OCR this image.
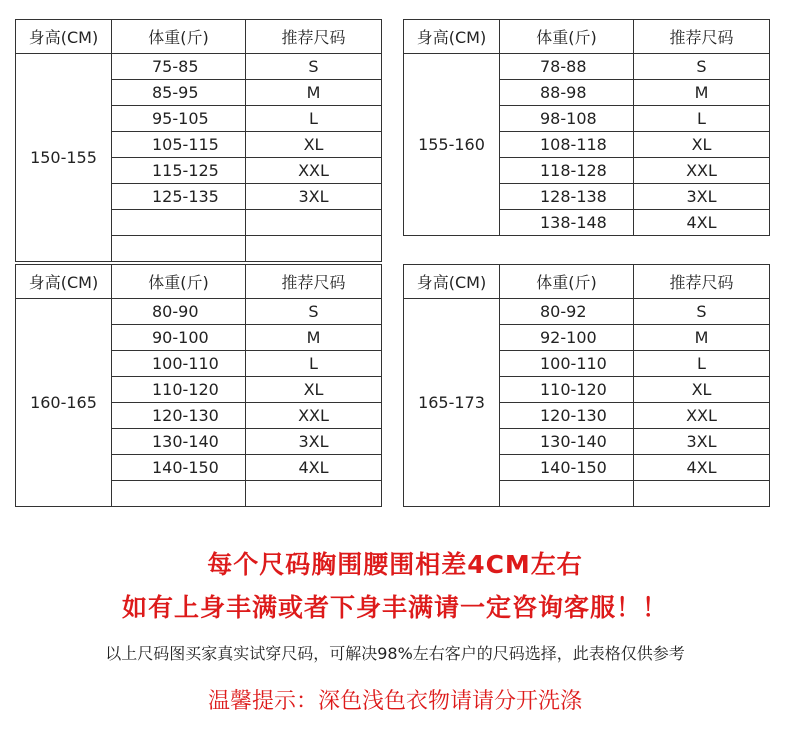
身高(CM)	体重(斤)	推荐尺码
150-155	75-85	S
	85-95	M
	95-105	L
	105-115	XL
	115-125	XXL
	125-135	3XL

身高(CM)	体重(斤)	推荐尺码
155-160	78-88	S
	88-98	M
	98-108	L
	108-118	XL
	118-128	XXL
	128-138	3XL
	138-148	4XL
身高(CM)	体重(斤)	推荐尺码
160-165	80-90	S
	90-100	M
	100-110	L
	110-120	XL
	120-130	XXL
	130-140	3XL
	140-150	4XL

身高(CM)	体重(斤)	推荐尺码
165-173	80-92	S
	92-100	M
	100-110	L
	110-120	XL
	120-130	XXL
	130-140	3XL
	140-150	4XL

每个尺码胸围腰围相差4CM左右
如有上身丰满或者下身丰满请一定咨询客服！！
以上尺码图买家真实试穿尺码，可解决98%左右客户的尺码选择，此表格仅供参考
温馨提示：深色浅色衣物请请分开洗涤
